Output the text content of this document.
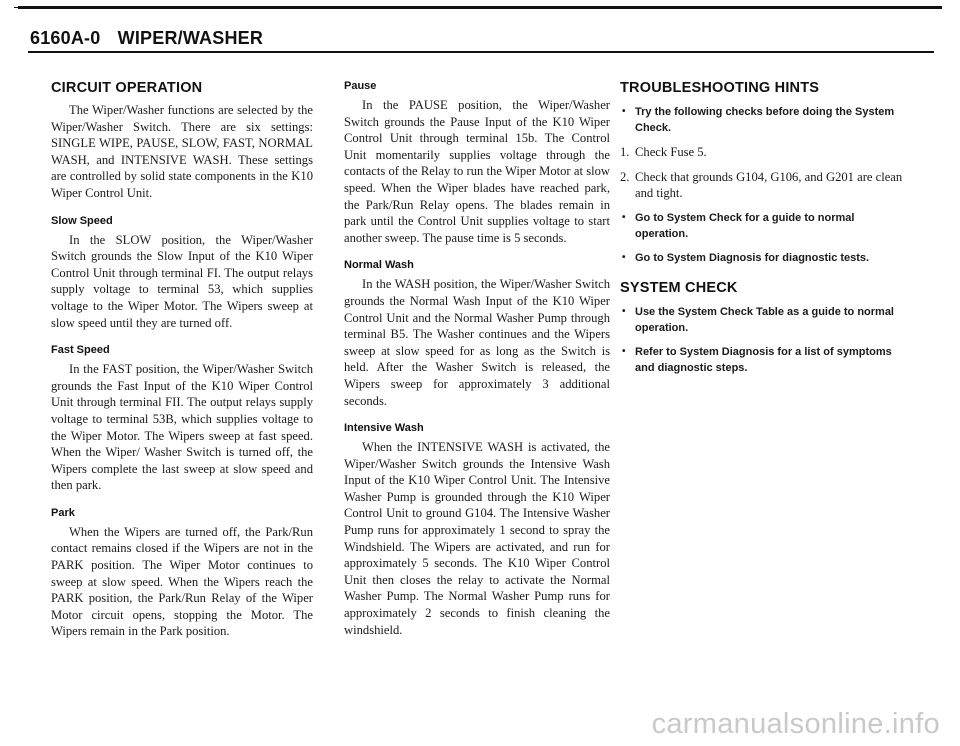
6160A-0 WIPER/WASHER
CIRCUIT OPERATION

The Wiper/Washer functions are selected by the Wiper/Washer Switch. There are six settings: SINGLE WIPE, PAUSE, SLOW, FAST, NORMAL WASH, and INTENSIVE WASH. These settings are controlled by solid state components in the K10 Wiper Control Unit.

Slow Speed

In the SLOW position, the Wiper/Washer Switch grounds the Slow Input of the K10 Wiper Control Unit through terminal FI. The output relays supply voltage to terminal 53, which supplies voltage to the Wiper Motor. The Wipers sweep at slow speed until they are turned off.

Fast Speed

In the FAST position, the Wiper/Washer Switch grounds the Fast Input of the K10 Wiper Control Unit through terminal FII. The output relays supply voltage to terminal 53B, which supplies voltage to the Wiper Motor. The Wipers sweep at fast speed. When the Wiper/ Washer Switch is turned off, the Wipers complete the last sweep at slow speed and then park.

Park

When the Wipers are turned off, the Park/Run contact remains closed if the Wipers are not in the PARK position. The Wiper Motor continues to sweep at slow speed. When the Wipers reach the PARK position, the Park/Run Relay of the Wiper Motor circuit opens, stopping the Motor. The Wipers remain in the Park position.

Pause

In the PAUSE position, the Wiper/Washer Switch grounds the Pause Input of the K10 Wiper Control Unit through terminal 15b. The Control Unit momentarily supplies voltage through the contacts of the Relay to run the Wiper Motor at slow speed. When the Wiper blades have reached park, the Park/Run Relay opens. The blades remain in park until the Control Unit supplies voltage to start another sweep. The pause time is 5 seconds.

Normal Wash

In the WASH position, the Wiper/Washer Switch grounds the Normal Wash Input of the K10 Wiper Control Unit and the Normal Washer Pump through terminal B5. The Washer continues and the Wipers sweep at slow speed for as long as the Switch is held. After the Washer Switch is released, the Wipers sweep for approximately 3 additional seconds.

Intensive Wash

When the INTENSIVE WASH is activated, the Wiper/Washer Switch grounds the Intensive Wash Input of the K10 Wiper Control Unit. The Intensive Washer Pump is grounded through the K10 Wiper Control Unit to ground G104. The Intensive Washer Pump runs for approximately 1 second to spray the Windshield. The Wipers are activated, and run for approximately 5 seconds. The K10 Wiper Control Unit then closes the relay to activate the Normal Washer Pump. The Normal Washer Pump runs for approximately 2 seconds to finish cleaning the windshield.

TROUBLESHOOTING HINTS
• Try the following checks before doing the System Check.
1. Check Fuse 5.
2. Check that grounds G104, G106, and G201 are clean and tight.
• Go to System Check for a guide to normal operation.
• Go to System Diagnosis for diagnostic tests.
SYSTEM CHECK
• Use the System Check Table as a guide to normal operation.
• Refer to System Diagnosis for a list of symptoms and diagnostic steps.
carmanualsonline.info
